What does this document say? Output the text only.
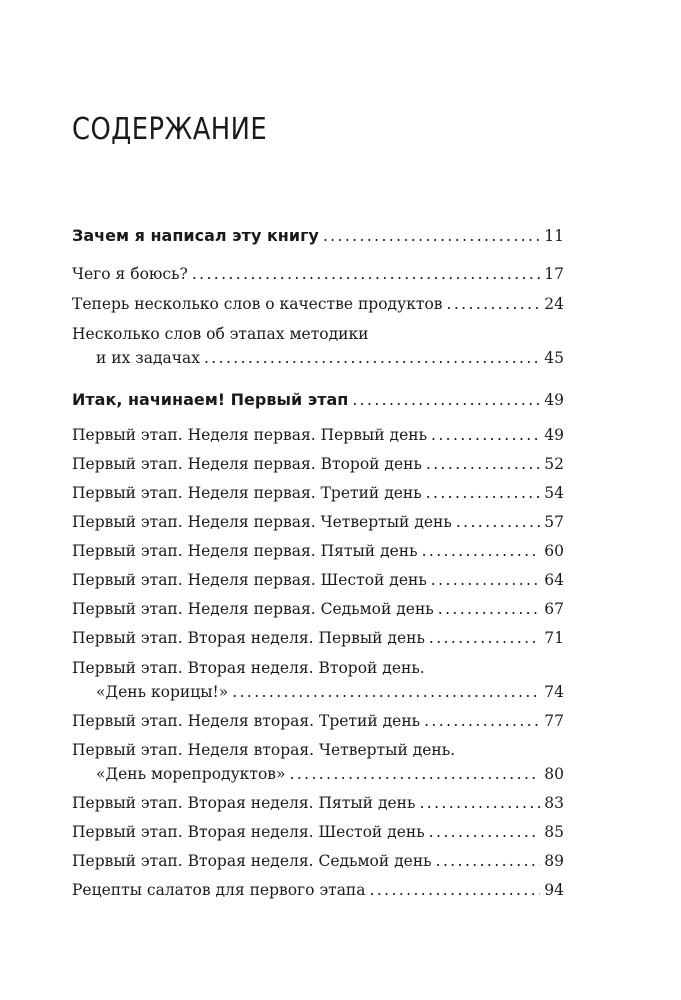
СОДЕРЖАНИЕ
Зачем я написал эту книгу .....	11
Чего я боюсь? .....	17
Теперь несколько слов о качестве продуктов .....	24
Несколько слов об этапах методики
и их задачах .....	45
Итак, начинаем! Первый этап .....	49
Первый этап. Неделя первая. Первый день .....	49
Первый этап. Неделя первая. Второй день .....	52
Первый этап. Неделя первая. Третий день .....	54
Первый этап. Неделя первая. Четвертый день .....	57
Первый этап. Неделя первая. Пятый день .....	60
Первый этап. Неделя первая. Шестой день .....	64
Первый этап. Неделя первая. Седьмой день .....	67
Первый этап. Вторая неделя. Первый день .....	71
Первый этап. Вторая неделя. Второй день.
«День корицы!» .....	74
Первый этап. Неделя вторая. Третий день .....	77
Первый этап. Неделя вторая. Четвертый день.
«День морепродуктов» .....	80
Первый этап. Вторая неделя. Пятый день .....	83
Первый этап. Вторая неделя. Шестой день .....	85
Первый этап. Вторая неделя. Седьмой день .....	89
Рецепты салатов для первого этапа .....	94
